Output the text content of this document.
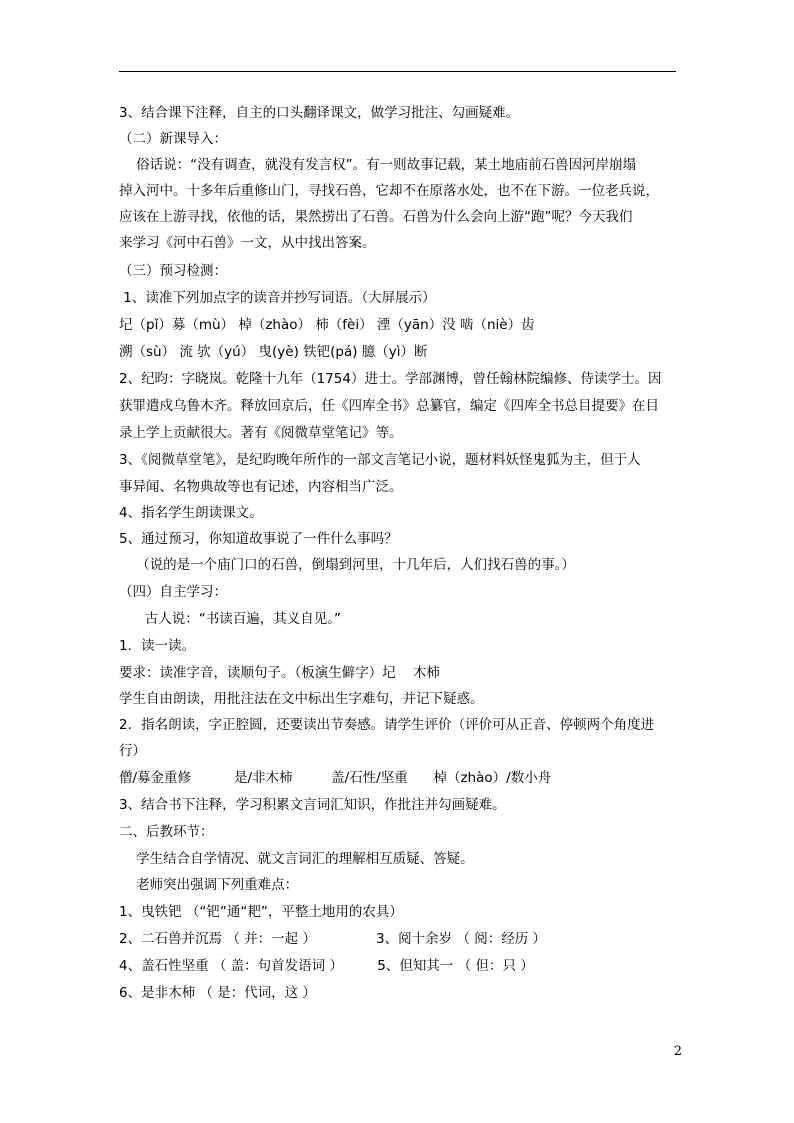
3、结合课下注释，自主的口头翻译课文，做学习批注、勾画疑难。

（二）新课导入：

俗话说：“没有调查，就没有发言权”。有一则故事记载，某土地庙前石兽因河岸崩塌

掉入河中。十多年后重修山门，寻找石兽，它却不在原落水处，也不在下游。一位老兵说，

应该在上游寻找，依他的话，果然捞出了石兽。石兽为什么会向上游“跑”呢？今天我们

来学习《河中石兽》一文，从中找出答案。

（三）预习检测：

1、读准下列加点字的读音并抄写词语。（大屏展示）

圮（pǐ）募（mù） 棹（zhào） 柿（fèi） 湮（yān）没 啮（niè）齿

溯（sù） 流 欤（yú） 曳(yè) 铁钯(pá) 臆（yì）断

2、纪昀：字晓岚。乾隆十九年（1754）进士。学部渊博，曾任翰林院编修、侍读学士。因

获罪遣戍乌鲁木齐。释放回京后，任《四库全书》总纂官，编定《四库全书总目提要》在目

录上学上贡献很大。著有《阅微草堂笔记》等。

3、《阅微草堂笔》，是纪昀晚年所作的一部文言笔记小说，题材料妖怪鬼狐为主，但于人

事异闻、名物典故等也有记述，内容相当广泛。

4、指名学生朗读课文。

5、通过预习，你知道故事说了一件什么事吗？

（说的是一个庙门口的石兽，倒塌到河里，十几年后，人们找石兽的事。）

（四）自主学习：

古人说：“书读百遍，其义自见。”

1．读一读。

要求：读准字音，读顺句子。（板演生僻字）圮    木柿

学生自由朗读，用批注法在文中标出生字难句，并记下疑惑。

2．指名朗读，字正腔圆，还要读出节奏感。请学生评价（评价可从正音、停顿两个角度进

行）

僧/募金重修          是/非木柿         盖/石性/坚重      棹（zhào）/数小舟

3、结合书下注释，学习积累文言词汇知识，作批注并勾画疑难。

二、后教环节：

学生结合自学情况、就文言词汇的理解相互质疑、答疑。

老师突出强调下列重难点：

1、曳铁钯 （“钯”通“耙”，平整土地用的农具）

2、二石兽并沉焉 （ 并：一起 ）              3、阅十余岁 （ 阅：经历 ）

4、盖石性坚重 （ 盖：句首发语词 ）        5、但知其一 （ 但：只 ）

6、是非木柿 （ 是：代词，这 ）

2
